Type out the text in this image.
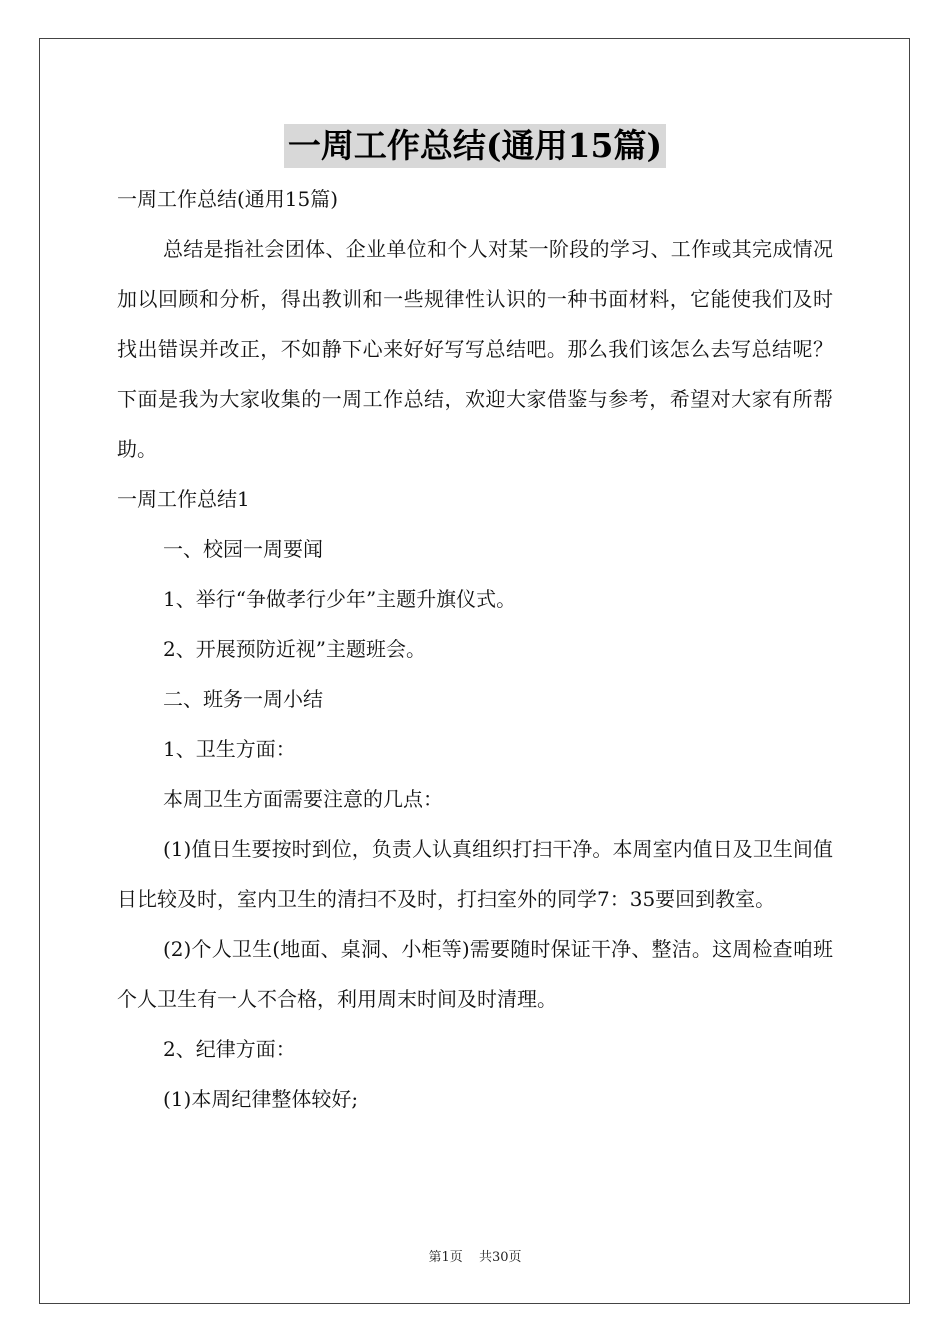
一周工作总结(通用15篇)

一周工作总结(通用15篇)

总结是指社会团体、企业单位和个人对某一阶段的学习、工作或其完成情况加以回顾和分析，得出教训和一些规律性认识的一种书面材料，它能使我们及时找出错误并改正，不如静下心来好好写写总结吧。那么我们该怎么去写总结呢？下面是我为大家收集的一周工作总结，欢迎大家借鉴与参考，希望对大家有所帮助。

一周工作总结1

一、校园一周要闻

1、举行“争做孝行少年”主题升旗仪式。

2、开展预防近视”主题班会。

二、班务一周小结

1、卫生方面：

本周卫生方面需要注意的几点：

(1)值日生要按时到位，负责人认真组织打扫干净。本周室内值日及卫生间值日比较及时，室内卫生的清扫不及时，打扫室外的同学7：35要回到教室。

(2)个人卫生(地面、桌洞、小柜等)需要随时保证干净、整洁。这周检查咱班个人卫生有一人不合格，利用周末时间及时清理。

2、纪律方面：

(1)本周纪律整体较好;

第1页 共30页
